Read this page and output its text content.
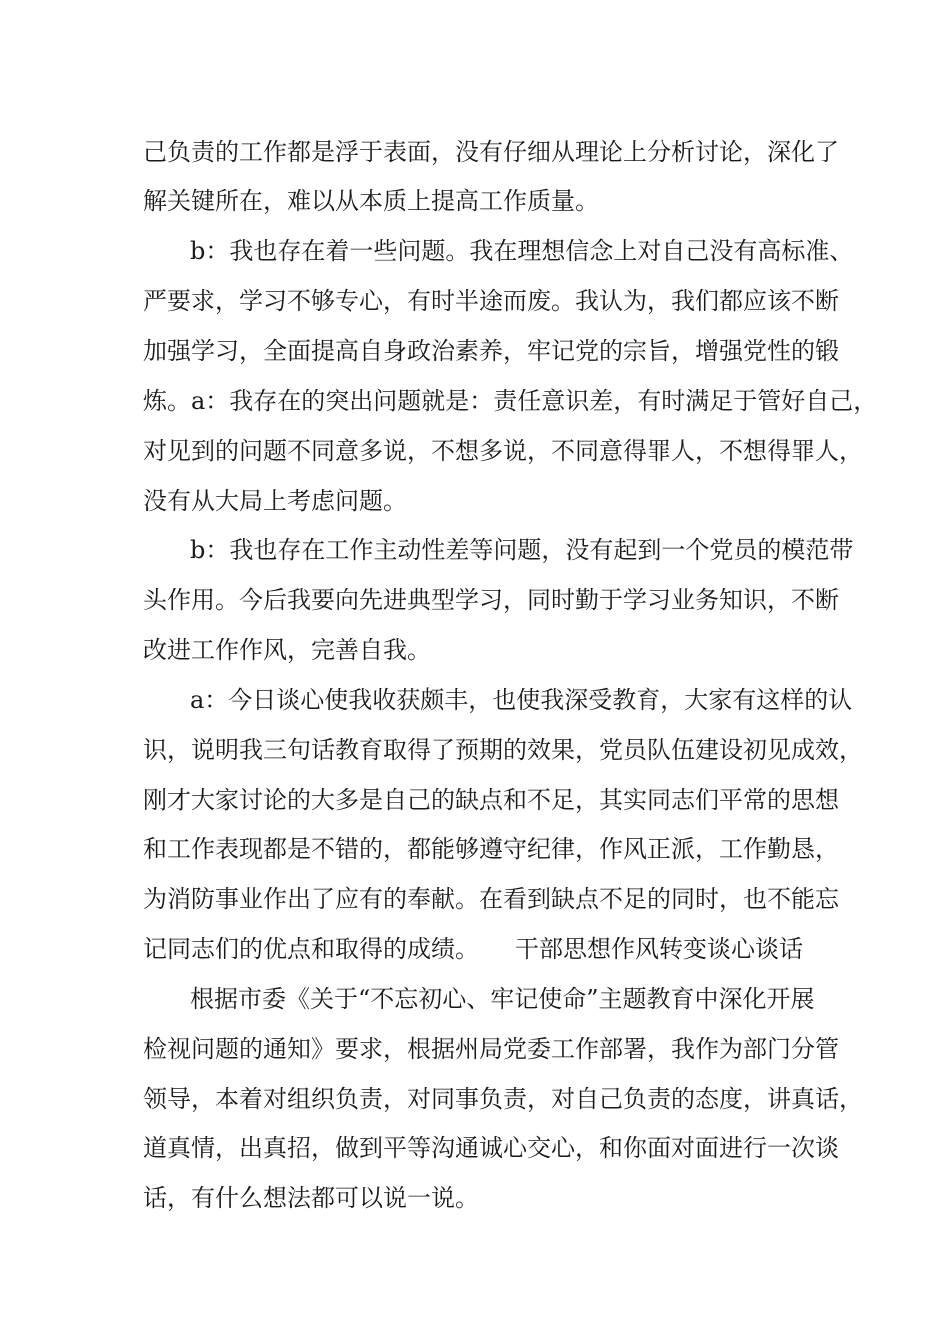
己负责的工作都是浮于表面，没有仔细从理论上分析讨论，深化了
解关键所在，难以从本质上提高工作质量。
b：我也存在着一些问题。我在理想信念上对自己没有高标准、
严要求，学习不够专心，有时半途而废。我认为，我们都应该不断
加强学习，全面提高自身政治素养，牢记党的宗旨，增强党性的锻
炼。a：我存在的突出问题就是：责任意识差，有时满足于管好自己，
对见到的问题不同意多说，不想多说，不同意得罪人，不想得罪人，
没有从大局上考虑问题。
b：我也存在工作主动性差等问题，没有起到一个党员的模范带
头作用。今后我要向先进典型学习，同时勤于学习业务知识，不断
改进工作作风，完善自我。
a：今日谈心使我收获颇丰，也使我深受教育，大家有这样的认
识，说明我三句话教育取得了预期的效果，党员队伍建设初见成效，
刚才大家讨论的大多是自己的缺点和不足，其实同志们平常的思想
和工作表现都是不错的，都能够遵守纪律，作风正派，工作勤恳，
为消防事业作出了应有的奉献。在看到缺点不足的同时，也不能忘
记同志们的优点和取得的成绩。　　干部思想作风转变谈心谈话
根据市委《关于“不忘初心、牢记使命”主题教育中深化开展
检视问题的通知》要求，根据州局党委工作部署，我作为部门分管
领导，本着对组织负责，对同事负责，对自己负责的态度，讲真话，
道真情，出真招，做到平等沟通诚心交心，和你面对面进行一次谈
话，有什么想法都可以说一说。
